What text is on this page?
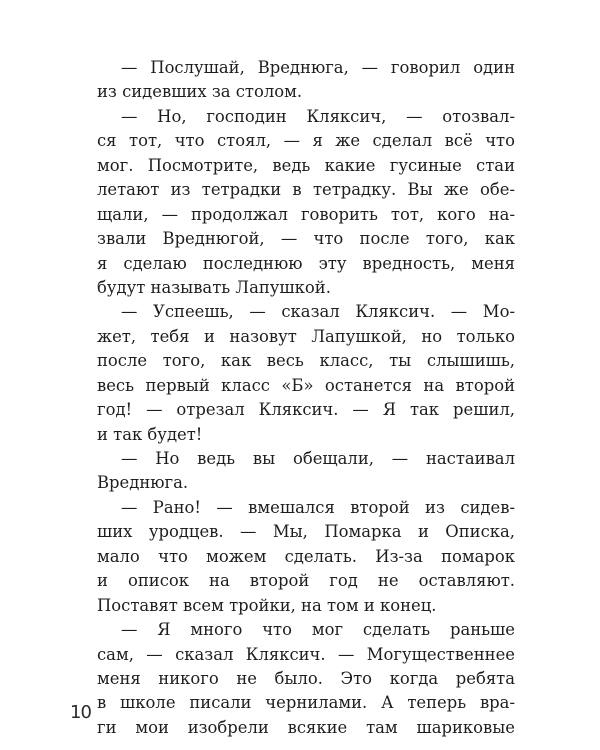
— Послушай, Вреднюга, — говорил один
из сидевших за столом.
— Но, господин Кляксич, — отозвал-
ся тот, что стоял, — я же сделал всё что
мог. Посмотрите, ведь какие гусиные стаи
летают из тетрадки в тетрадку. Вы же обе-
щали, — продолжал говорить тот, кого на-
звали Вреднюгой, — что после того, как
я сделаю последнюю эту вредность, меня
будут называть Лапушкой.
— Успеешь, — сказал Кляксич. — Мо-
жет, тебя и назовут Лапушкой, но только
после того, как весь класс, ты слышишь,
весь первый класс «Б» останется на второй
год! — отрезал Кляксич. — Я так решил,
и так будет!
— Но ведь вы обещали, — настаивал
Вреднюга.
— Рано! — вмешался второй из сидев-
ших уродцев. — Мы, Помарка и Описка,
мало что можем сделать. Из-за помарок
и описок на второй год не оставляют.
Поставят всем тройки, на том и конец.
— Я много что мог сделать раньше
сам, — сказал Кляксич. — Могущественнее
меня никого не было. Это когда ребята
в школе писали чернилами. А теперь вра-
ги мои изобрели всякие там шариковые
10
